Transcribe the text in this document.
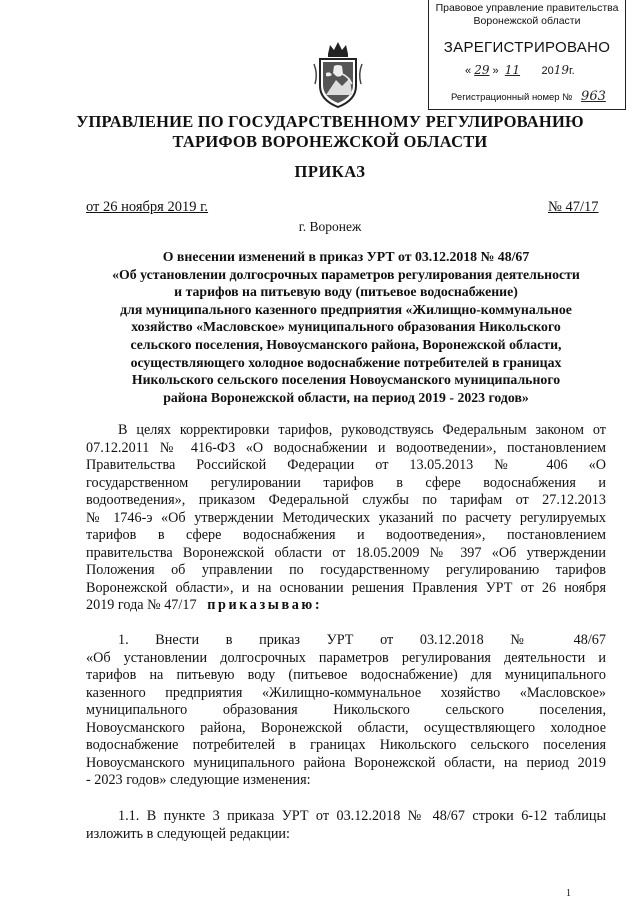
Правовое управление правительства
Воронежской области
ЗАРЕГИСТРИРОВАНО
« 29 »  11 2019г.
Регистрационный номер № 963
УПРАВЛЕНИЕ ПО ГОСУДАРСТВЕННОМУ РЕГУЛИРОВАНИЮ
ТАРИФОВ ВОРОНЕЖСКОЙ ОБЛАСТИ
ПРИКАЗ
от 26 ноября 2019 г.	№ 47/17
г. Воронеж
О внесении изменений в приказ УРТ от 03.12.2018 № 48/67
«Об установлении долгосрочных параметров регулирования деятельности
и тарифов на питьевую воду (питьевое водоснабжение)
для муниципального казенного предприятия «Жилищно-коммунальное
хозяйство «Масловское» муниципального образования Никольского
сельского поселения, Новоусманского района, Воронежской области,
осуществляющего холодное водоснабжение потребителей в границах
Никольского сельского поселения Новоусманского муниципального
района Воронежской области, на период 2019 - 2023 годов»
В целях корректировки тарифов, руководствуясь Федеральным законом от
07.12.2011 № 416-ФЗ «О водоснабжении и водоотведении», постановлением
Правительства Российской Федерации от 13.05.2013 № 406 «О
государственном регулировании тарифов в сфере водоснабжения и
водоотведения», приказом Федеральной службы по тарифам от 27.12.2013
№ 1746-э «Об утверждении Методических указаний по расчету регулируемых
тарифов в сфере водоснабжения и водоотведения», постановлением
правительства Воронежской области от 18.05.2009 № 397 «Об утверждении
Положения об управлении по государственному регулированию тарифов
Воронежской области», и на основании решения Правления УРТ от 26 ноября
2019 года № 47/17 приказываю:
1. Внести в приказ УРТ от 03.12.2018 № 48/67
«Об установлении долгосрочных параметров регулирования деятельности и
тарифов на питьевую воду (питьевое водоснабжение) для муниципального
казенного предприятия «Жилищно-коммунальное хозяйство «Масловское»
муниципального образования Никольского сельского поселения,
Новоусманского района, Воронежской области, осуществляющего холодное
водоснабжение потребителей в границах Никольского сельского поселения
Новоусманского муниципального района Воронежской области, на период 2019
- 2023 годов» следующие изменения:
1.1. В пункте 3 приказа УРТ от 03.12.2018 № 48/67 строки 6-12 таблицы
изложить в следующей редакции:
1
